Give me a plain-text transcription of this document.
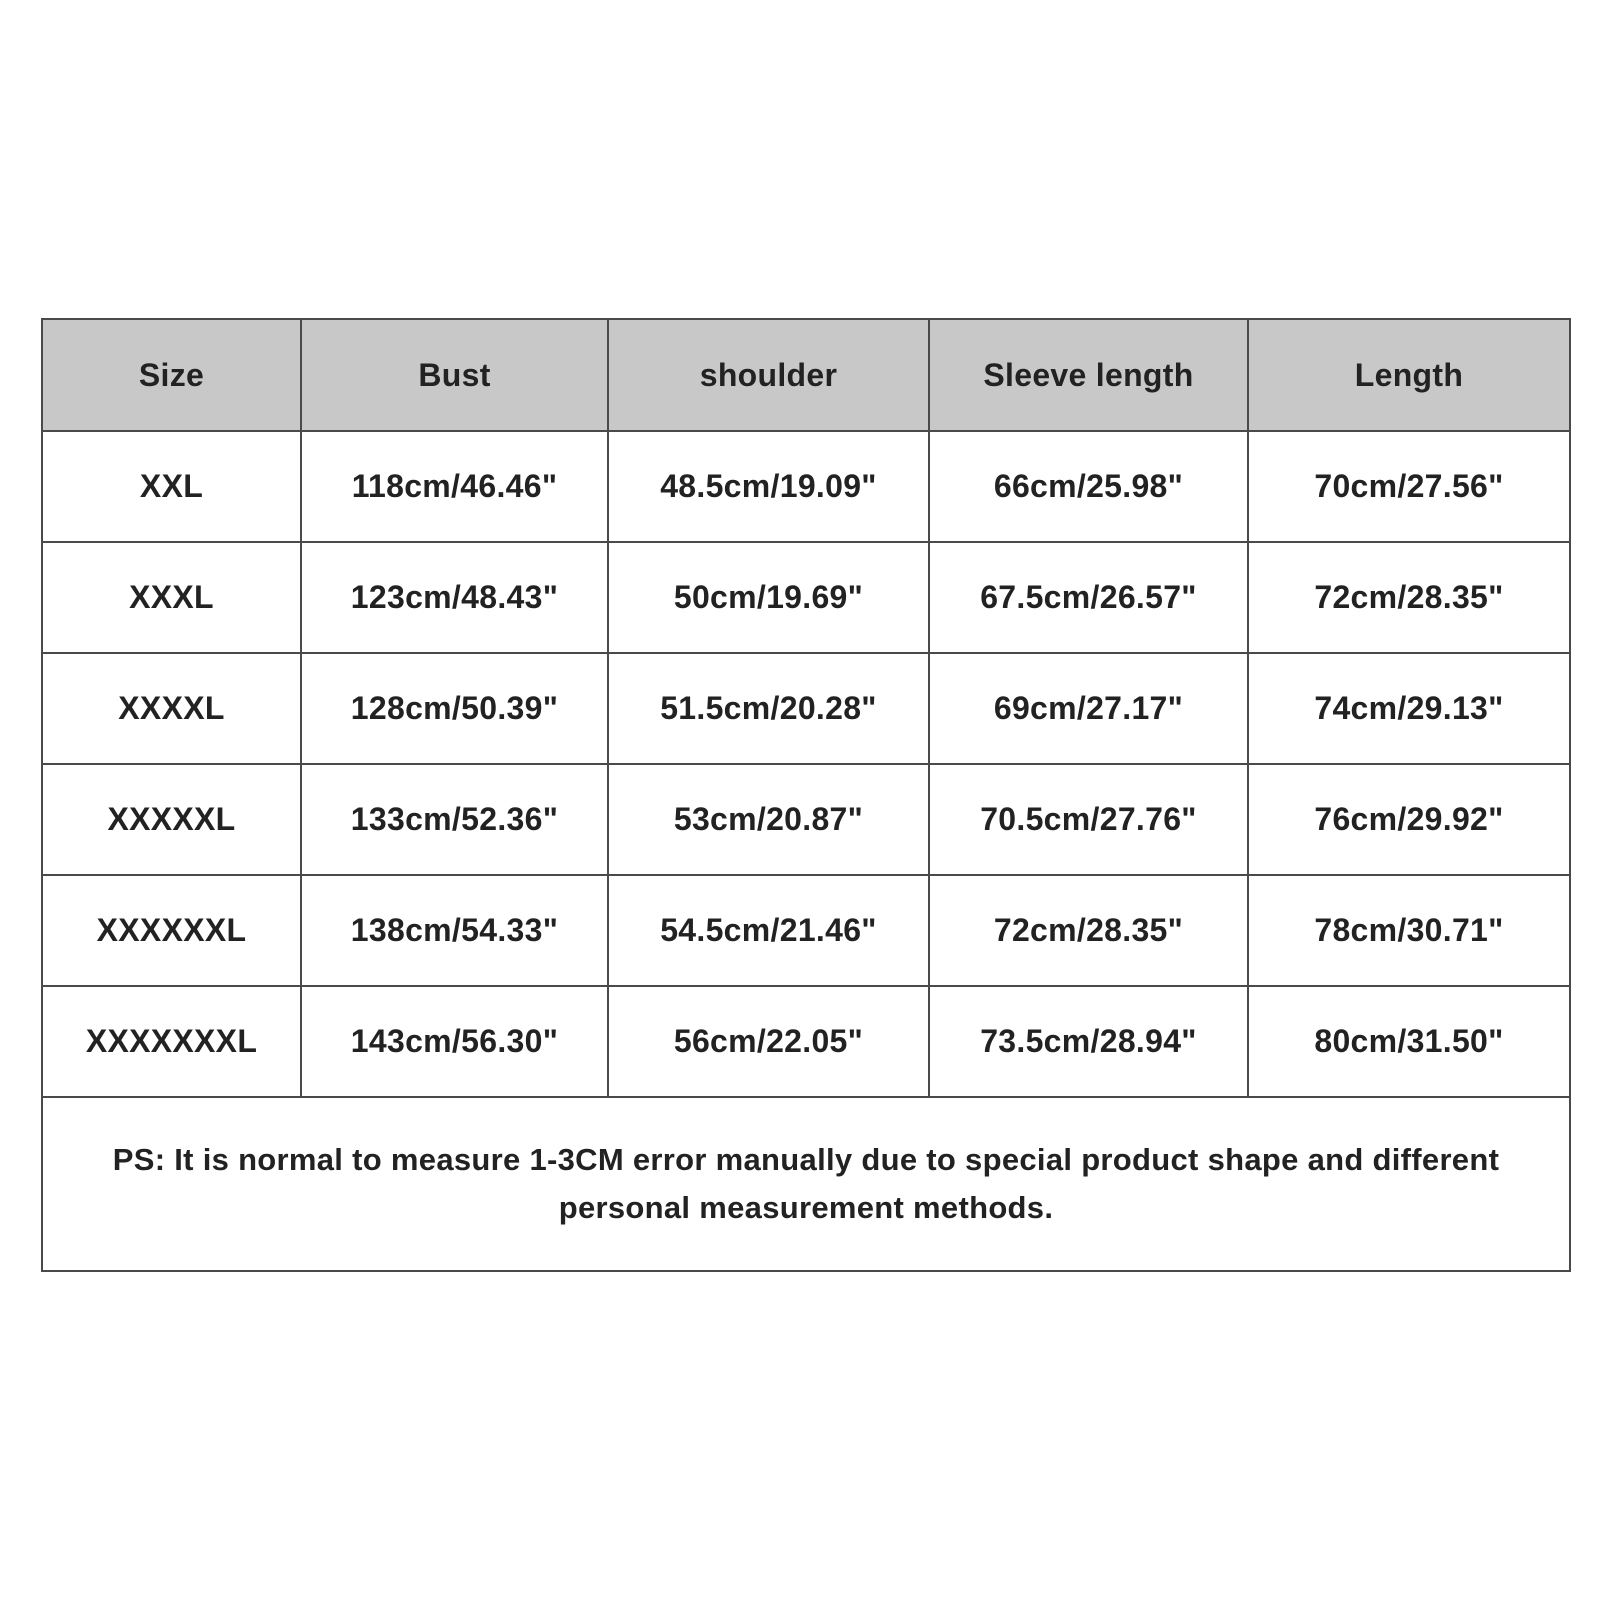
Size	Bust	shoulder	Sleeve length	Length
XXL	118cm/46.46"	48.5cm/19.09"	66cm/25.98"	70cm/27.56"
XXXL	123cm/48.43"	50cm/19.69"	67.5cm/26.57"	72cm/28.35"
XXXXL	128cm/50.39"	51.5cm/20.28"	69cm/27.17"	74cm/29.13"
XXXXXL	133cm/52.36"	53cm/20.87"	70.5cm/27.76"	76cm/29.92"
XXXXXXL	138cm/54.33"	54.5cm/21.46"	72cm/28.35"	78cm/30.71"
XXXXXXXL	143cm/56.30"	56cm/22.05"	73.5cm/28.94"	80cm/31.50"
PS: It is normal to measure 1-3CM error manually due to special product shape and different personal measurement methods.				
